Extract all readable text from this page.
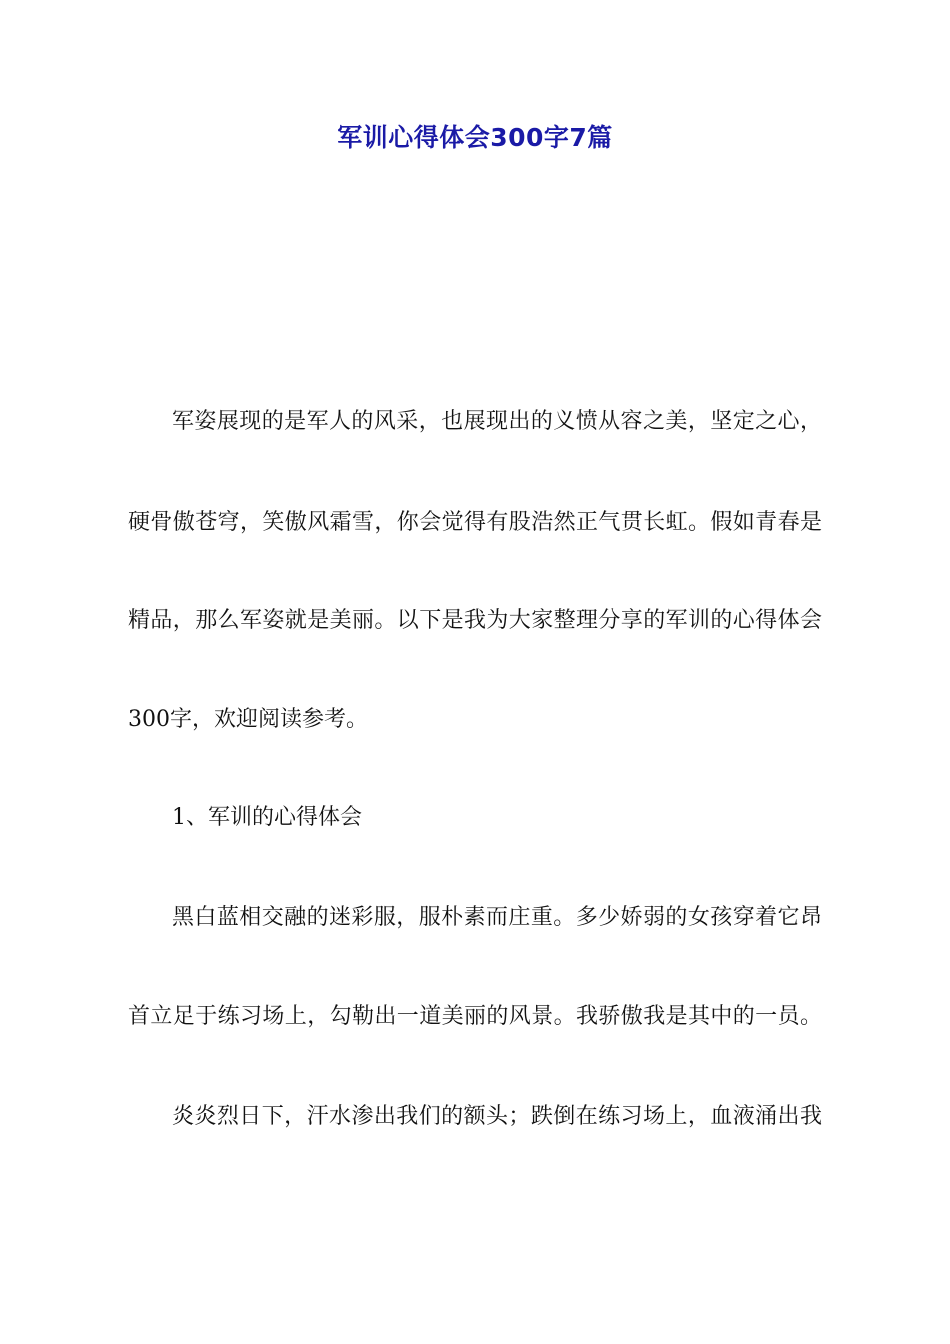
军训心得体会300字7篇
军姿展现的是军人的风采，也展现出的义愤从容之美，坚定之心，
硬骨傲苍穹，笑傲风霜雪，你会觉得有股浩然正气贯长虹。假如青春是
精品，那么军姿就是美丽。以下是我为大家整理分享的军训的心得体会
300字，欢迎阅读参考。
1、军训的心得体会
黑白蓝相交融的迷彩服，服朴素而庄重。多少娇弱的女孩穿着它昂
首立足于练习场上，勾勒出一道美丽的风景。我骄傲我是其中的一员。
炎炎烈日下，汗水渗出我们的额头；跌倒在练习场上，血液涌出我
